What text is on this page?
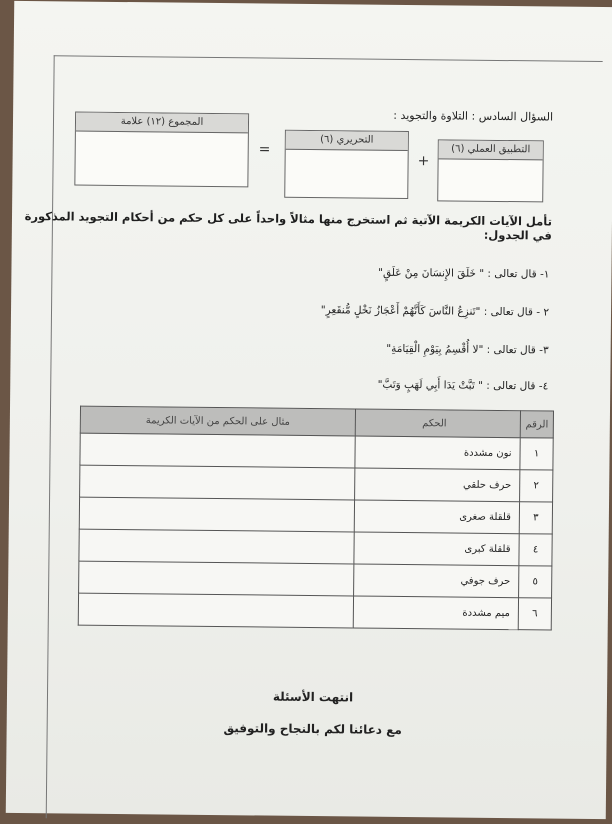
السؤال السادس : التلاوة والتجويد :
المجموع (١٢) علامة
=
التحريري (٦)
+
التطبيق العملي (٦)
تأمل الآيات الكريمة الآتية ثم استخرج منها مثالاً واحداً على كل حكم من أحكام التجويد المذكورة في الجدول:
١- قال تعالى : " خَلَقَ الإِنسَانَ مِنْ عَلَقٍ"
٢ - قال تعالى : "تَنزِعُ النَّاسَ كَأَنَّهُمْ أَعْجَازُ نَخْلٍ مُّنقَعِرٍ"
٣- قال تعالى : "لا أُقْسِمُ بِيَوْمِ الْقِيَامَةِ"
٤- قال تعالى : " تَبَّتْ يَدَا أَبِي لَهَبٍ وَتَبَّ"
الرقم	الحكم	مثال على الحكم من الآيات الكريمة
١	نون مشددة	
٢	حرف حلقي	
٣	قلقلة صغرى	
٤	قلقلة كبرى	
٥	حرف جوفي	
٦	ميم مشددة	
انتهت الأسئلة
مع دعائنا لكم بالنجاح والتوفيق
